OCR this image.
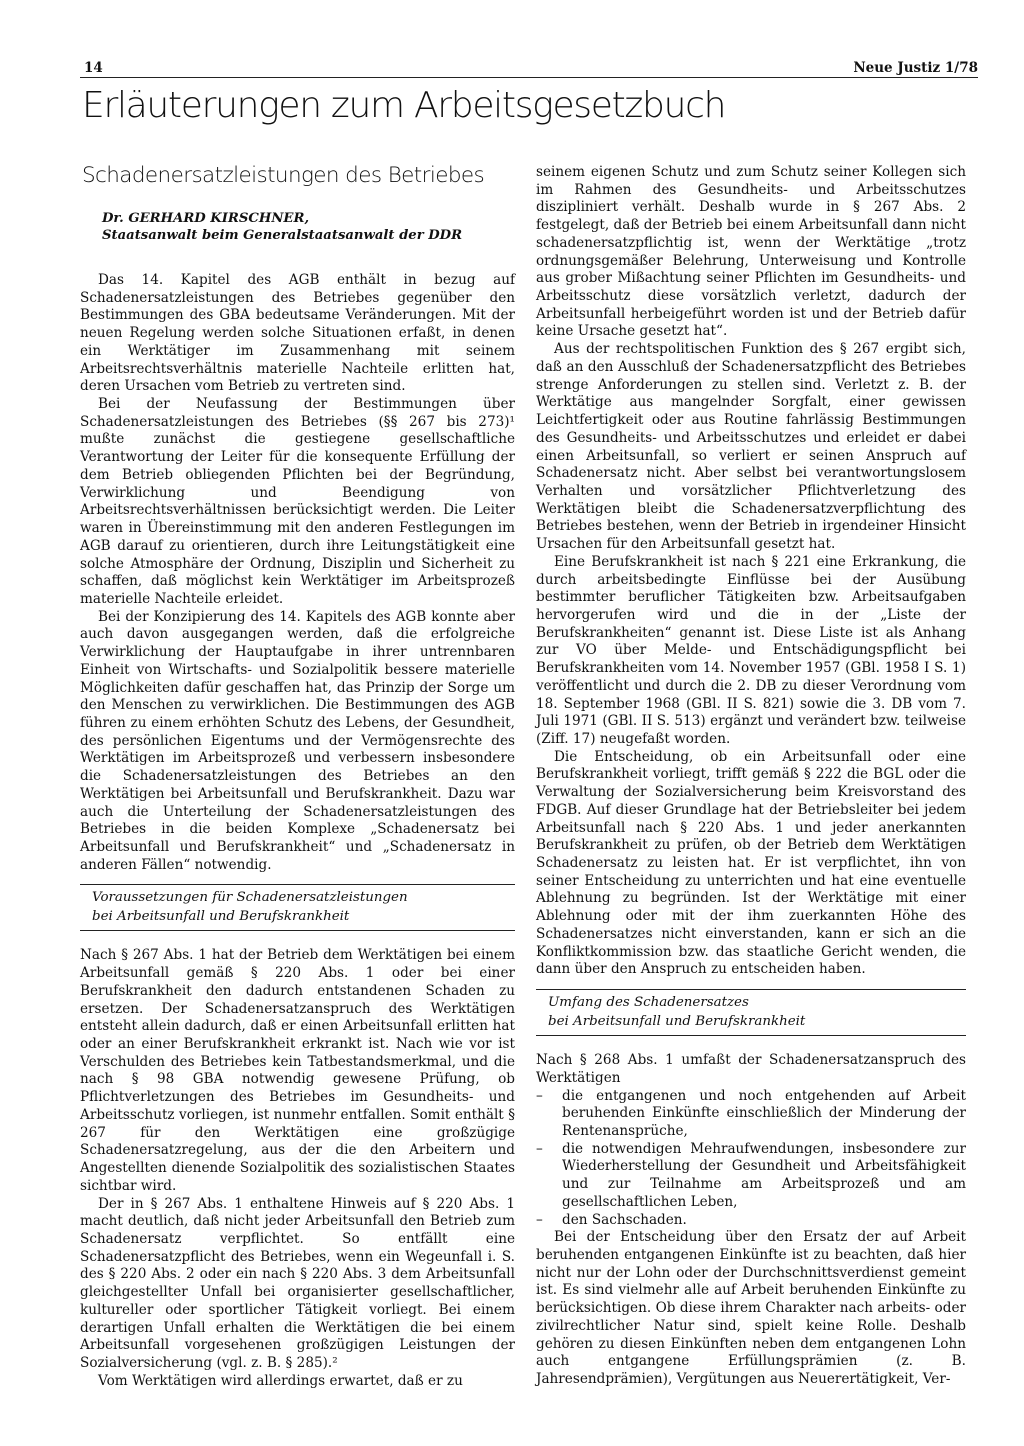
14	Neue Justiz 1/78
Erläuterungen zum Arbeitsgesetzbuch
Schadenersatzleistungen des Betriebes
Dr. GERHARD KIRSCHNER,
Staatsanwalt beim Generalstaatsanwalt der DDR

Das 14. Kapitel des AGB enthält in bezug auf Schadenersatzleistungen des Betriebes gegenüber den Bestimmungen des GBA bedeutsame Veränderungen. Mit der neuen Regelung werden solche Situationen erfaßt, in denen ein Werktätiger im Zusammenhang mit seinem Arbeitsrechtsverhältnis materielle Nachteile erlitten hat, deren Ursachen vom Betrieb zu vertreten sind.

Bei der Neufassung der Bestimmungen über Schadenersatzleistungen des Betriebes (§§ 267 bis 273)¹ mußte zunächst die gestiegene gesellschaftliche Verantwortung der Leiter für die konsequente Erfüllung der dem Betrieb obliegenden Pflichten bei der Begründung, Verwirklichung und Beendigung von Arbeitsrechtsverhältnissen berücksichtigt werden. Die Leiter waren in Übereinstimmung mit den anderen Festlegungen im AGB darauf zu orientieren, durch ihre Leitungstätigkeit eine solche Atmosphäre der Ordnung, Disziplin und Sicherheit zu schaffen, daß möglichst kein Werktätiger im Arbeitsprozeß materielle Nachteile erleidet.

Bei der Konzipierung des 14. Kapitels des AGB konnte aber auch davon ausgegangen werden, daß die erfolgreiche Verwirklichung der Hauptaufgabe in ihrer untrennbaren Einheit von Wirtschafts- und Sozialpolitik bessere materielle Möglichkeiten dafür geschaffen hat, das Prinzip der Sorge um den Menschen zu verwirklichen. Die Bestimmungen des AGB führen zu einem erhöhten Schutz des Lebens, der Gesundheit, des persönlichen Eigentums und der Vermögensrechte des Werktätigen im Arbeitsprozeß und verbessern insbesondere die Schadenersatzleistungen des Betriebes an den Werktätigen bei Arbeitsunfall und Berufskrankheit. Dazu war auch die Unterteilung der Schadenersatzleistungen des Betriebes in die beiden Komplexe „Schadenersatz bei Arbeitsunfall und Berufskrankheit“ und „Schadenersatz in anderen Fällen“ notwendig.

Voraussetzungen für Schadenersatzleistungen
bei Arbeitsunfall und Berufskrankheit

Nach § 267 Abs. 1 hat der Betrieb dem Werktätigen bei einem Arbeitsunfall gemäß § 220 Abs. 1 oder bei einer Berufskrankheit den dadurch entstandenen Schaden zu ersetzen. Der Schadenersatzanspruch des Werktätigen entsteht allein dadurch, daß er einen Arbeitsunfall erlitten hat oder an einer Berufskrankheit erkrankt ist. Nach wie vor ist Verschulden des Betriebes kein Tatbestandsmerkmal, und die nach § 98 GBA notwendig gewesene Prüfung, ob Pflichtverletzungen des Betriebes im Gesundheits- und Arbeitsschutz vorliegen, ist nunmehr entfallen. Somit enthält § 267 für den Werktätigen eine großzügige Schadenersatzregelung, aus der die den Arbeitern und Angestellten dienende Sozialpolitik des sozialistischen Staates sichtbar wird.

Der in § 267 Abs. 1 enthaltene Hinweis auf § 220 Abs. 1 macht deutlich, daß nicht jeder Arbeitsunfall den Betrieb zum Schadenersatz verpflichtet. So entfällt eine Schadenersatzpflicht des Betriebes, wenn ein Wegeunfall i. S. des § 220 Abs. 2 oder ein nach § 220 Abs. 3 dem Arbeitsunfall gleichgestellter Unfall bei organisierter gesellschaftlicher, kultureller oder sportlicher Tätigkeit vorliegt. Bei einem derartigen Unfall erhalten die Werktätigen die bei einem Arbeitsunfall vorgesehenen großzügigen Leistungen der Sozialversicherung (vgl. z. B. § 285).²

Vom Werktätigen wird allerdings erwartet, daß er zu

seinem eigenen Schutz und zum Schutz seiner Kollegen sich im Rahmen des Gesundheits- und Arbeitsschutzes diszipliniert verhält. Deshalb wurde in § 267 Abs. 2 festgelegt, daß der Betrieb bei einem Arbeitsunfall dann nicht schadenersatzpflichtig ist, wenn der Werktätige „trotz ordnungsgemäßer Belehrung, Unterweisung und Kontrolle aus grober Mißachtung seiner Pflichten im Gesundheits- und Arbeitsschutz diese vorsätzlich verletzt, dadurch der Arbeitsunfall herbeigeführt worden ist und der Betrieb dafür keine Ursache gesetzt hat“.

Aus der rechtspolitischen Funktion des § 267 ergibt sich, daß an den Ausschluß der Schadenersatzpflicht des Betriebes strenge Anforderungen zu stellen sind. Verletzt z. B. der Werktätige aus mangelnder Sorgfalt, einer gewissen Leichtfertigkeit oder aus Routine fahrlässig Bestimmungen des Gesundheits- und Arbeitsschutzes und erleidet er dabei einen Arbeitsunfall, so verliert er seinen Anspruch auf Schadenersatz nicht. Aber selbst bei verantwortungslosem Verhalten und vorsätzlicher Pflichtverletzung des Werktätigen bleibt die Schadenersatzverpflichtung des Betriebes bestehen, wenn der Betrieb in irgendeiner Hinsicht Ursachen für den Arbeitsunfall gesetzt hat.

Eine Berufskrankheit ist nach § 221 eine Erkrankung, die durch arbeitsbedingte Einflüsse bei der Ausübung bestimmter beruflicher Tätigkeiten bzw. Arbeitsaufgaben hervorgerufen wird und die in der „Liste der Berufskrankheiten“ genannt ist. Diese Liste ist als Anhang zur VO über Melde- und Entschädigungspflicht bei Berufskrankheiten vom 14. November 1957 (GBl. 1958 I S. 1) veröffentlicht und durch die 2. DB zu dieser Verordnung vom 18. September 1968 (GBl. II S. 821) sowie die 3. DB vom 7. Juli 1971 (GBl. II S. 513) ergänzt und verändert bzw. teilweise (Ziff. 17) neugefaßt worden.

Die Entscheidung, ob ein Arbeitsunfall oder eine Berufskrankheit vorliegt, trifft gemäß § 222 die BGL oder die Verwaltung der Sozialversicherung beim Kreisvorstand des FDGB. Auf dieser Grundlage hat der Betriebsleiter bei jedem Arbeitsunfall nach § 220 Abs. 1 und jeder anerkannten Berufskrankheit zu prüfen, ob der Betrieb dem Werktätigen Schadenersatz zu leisten hat. Er ist verpflichtet, ihn von seiner Entscheidung zu unterrichten und hat eine eventuelle Ablehnung zu begründen. Ist der Werktätige mit einer Ablehnung oder mit der ihm zuerkannten Höhe des Schadenersatzes nicht einverstanden, kann er sich an die Konfliktkommission bzw. das staatliche Gericht wenden, die dann über den Anspruch zu entscheiden haben.

Umfang des Schadenersatzes
bei Arbeitsunfall und Berufskrankheit

Nach § 268 Abs. 1 umfaßt der Schadenersatzanspruch des Werktätigen

– die entgangenen und noch entgehenden auf Arbeit beruhenden Einkünfte einschließlich der Minderung der Rentenansprüche,
– die notwendigen Mehraufwendungen, insbesondere zur Wiederherstellung der Gesundheit und Arbeitsfähigkeit und zur Teilnahme am Arbeitsprozeß und am gesellschaftlichen Leben,
– den Sachschaden.

Bei der Entscheidung über den Ersatz der auf Arbeit beruhenden entgangenen Einkünfte ist zu beachten, daß hier nicht nur der Lohn oder der Durchschnittsverdienst gemeint ist. Es sind vielmehr alle auf Arbeit beruhenden Einkünfte zu berücksichtigen. Ob diese ihrem Charakter nach arbeits- oder zivilrechtlicher Natur sind, spielt keine Rolle. Deshalb gehören zu diesen Einkünften neben dem entgangenen Lohn auch entgangene Erfüllungsprämien (z. B. Jahresendprämien), Vergütungen aus Neuerertätigkeit, Ver-
